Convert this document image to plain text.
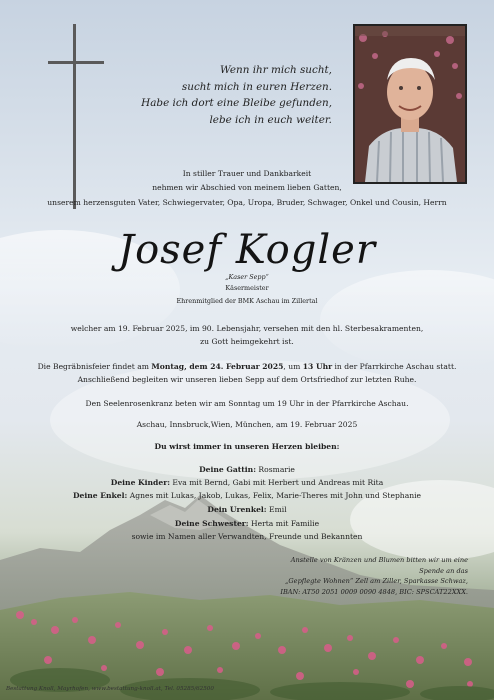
Wenn ihr mich sucht,
sucht mich in euren Herzen.
Habe ich dort eine Bleibe gefunden,
lebe ich in euch weiter.
In stiller Trauer und Dankbarkeit
nehmen wir Abschied von meinem lieben Gatten,
unserem herzensguten Vater, Schwiegervater, Opa, Uropa, Bruder, Schwager, Onkel und Cousin, Herrn
Josef Kogler
„Kaser Sepp“
Käsermeister
Ehrenmitglied der BMK Aschau im Zillertal
welcher am 19. Februar 2025, im 90. Lebensjahr, versehen mit den hl. Sterbesakramenten,
zu Gott heimgekehrt ist.
Die Begräbnisfeier findet am Montag, dem 24. Februar 2025, um 13 Uhr in der Pfarrkirche Aschau statt.
Anschließend begleiten wir unseren lieben Sepp auf dem Ortsfriedhof zur letzten Ruhe.
Den Seelenrosenkranz beten wir am Sonntag um 19 Uhr in der Pfarrkirche Aschau.
Aschau, Innsbruck,Wien, München, am 19. Februar 2025
Du wirst immer in unseren Herzen bleiben:
Deine Gattin: Rosmarie
Deine Kinder: Eva mit Bernd, Gabi mit Herbert und Andreas mit Rita
Deine Enkel: Agnes mit Lukas, Jakob, Lukas, Felix, Marie-Theres mit John und Stephanie
Dein Urenkel: Emil
Deine Schwester: Herta mit Familie
sowie im Namen aller Verwandten, Freunde und Bekannten
Anstelle von Kränzen und Blumen bitten wir um eine Spende an das
„Gepflegte Wohnen“ Zell am Ziller, Sparkasse Schwaz,
IBAN: AT50 2051 0009 0090 4848, BIC: SPSCAT22XXX.
Bestattung Knoll, Mayrhofen, www.bestattung-knoll.at, Tel. 05285/62500
